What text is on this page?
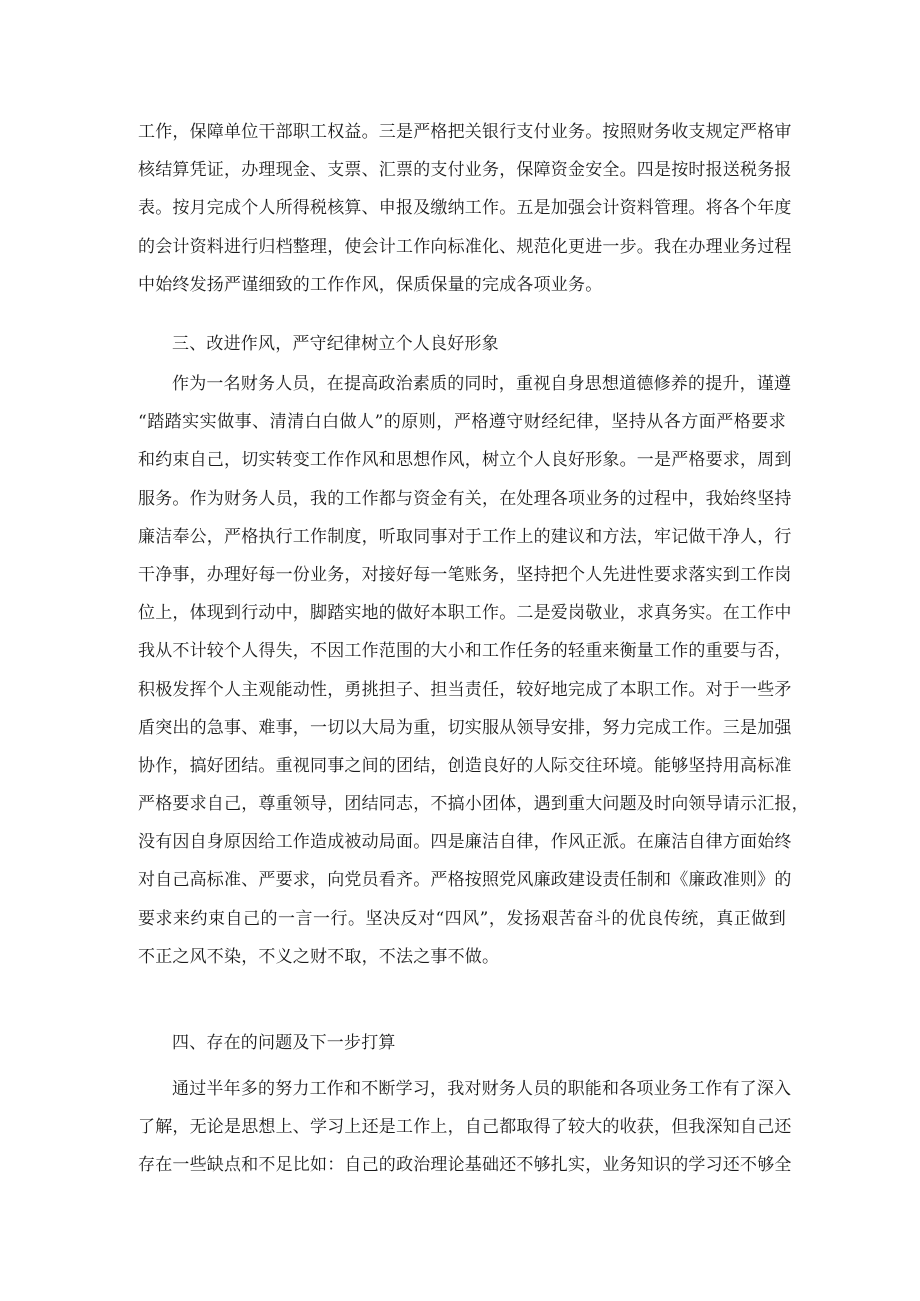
工作，保障单位干部职工权益。三是严格把关银行支付业务。按照财务收支规定严格审
核结算凭证，办理现金、支票、汇票的支付业务，保障资金安全。四是按时报送税务报
表。按月完成个人所得税核算、申报及缴纳工作。五是加强会计资料管理。将各个年度
的会计资料进行归档整理，使会计工作向标准化、规范化更进一步。我在办理业务过程
中始终发扬严谨细致的工作作风，保质保量的完成各项业务。
三、改进作风，严守纪律树立个人良好形象
作为一名财务人员，在提高政治素质的同时，重视自身思想道德修养的提升，谨遵
“踏踏实实做事、清清白白做人”的原则，严格遵守财经纪律，坚持从各方面严格要求
和约束自己，切实转变工作作风和思想作风，树立个人良好形象。一是严格要求，周到
服务。作为财务人员，我的工作都与资金有关，在处理各项业务的过程中，我始终坚持
廉洁奉公，严格执行工作制度，听取同事对于工作上的建议和方法，牢记做干净人，行
干净事，办理好每一份业务，对接好每一笔账务，坚持把个人先进性要求落实到工作岗
位上，体现到行动中，脚踏实地的做好本职工作。二是爱岗敬业，求真务实。在工作中
我从不计较个人得失，不因工作范围的大小和工作任务的轻重来衡量工作的重要与否，
积极发挥个人主观能动性，勇挑担子、担当责任，较好地完成了本职工作。对于一些矛
盾突出的急事、难事，一切以大局为重，切实服从领导安排，努力完成工作。三是加强
协作，搞好团结。重视同事之间的团结，创造良好的人际交往环境。能够坚持用高标准
严格要求自己，尊重领导，团结同志，不搞小团体，遇到重大问题及时向领导请示汇报，
没有因自身原因给工作造成被动局面。四是廉洁自律，作风正派。在廉洁自律方面始终
对自己高标准、严要求，向党员看齐。严格按照党风廉政建设责任制和《廉政准则》的
要求来约束自己的一言一行。坚决反对“四风”，发扬艰苦奋斗的优良传统，真正做到
不正之风不染，不义之财不取，不法之事不做。
四、存在的问题及下一步打算
通过半年多的努力工作和不断学习，我对财务人员的职能和各项业务工作有了深入
了解，无论是思想上、学习上还是工作上，自己都取得了较大的收获，但我深知自己还
存在一些缺点和不足比如：自己的政治理论基础还不够扎实，业务知识的学习还不够全
